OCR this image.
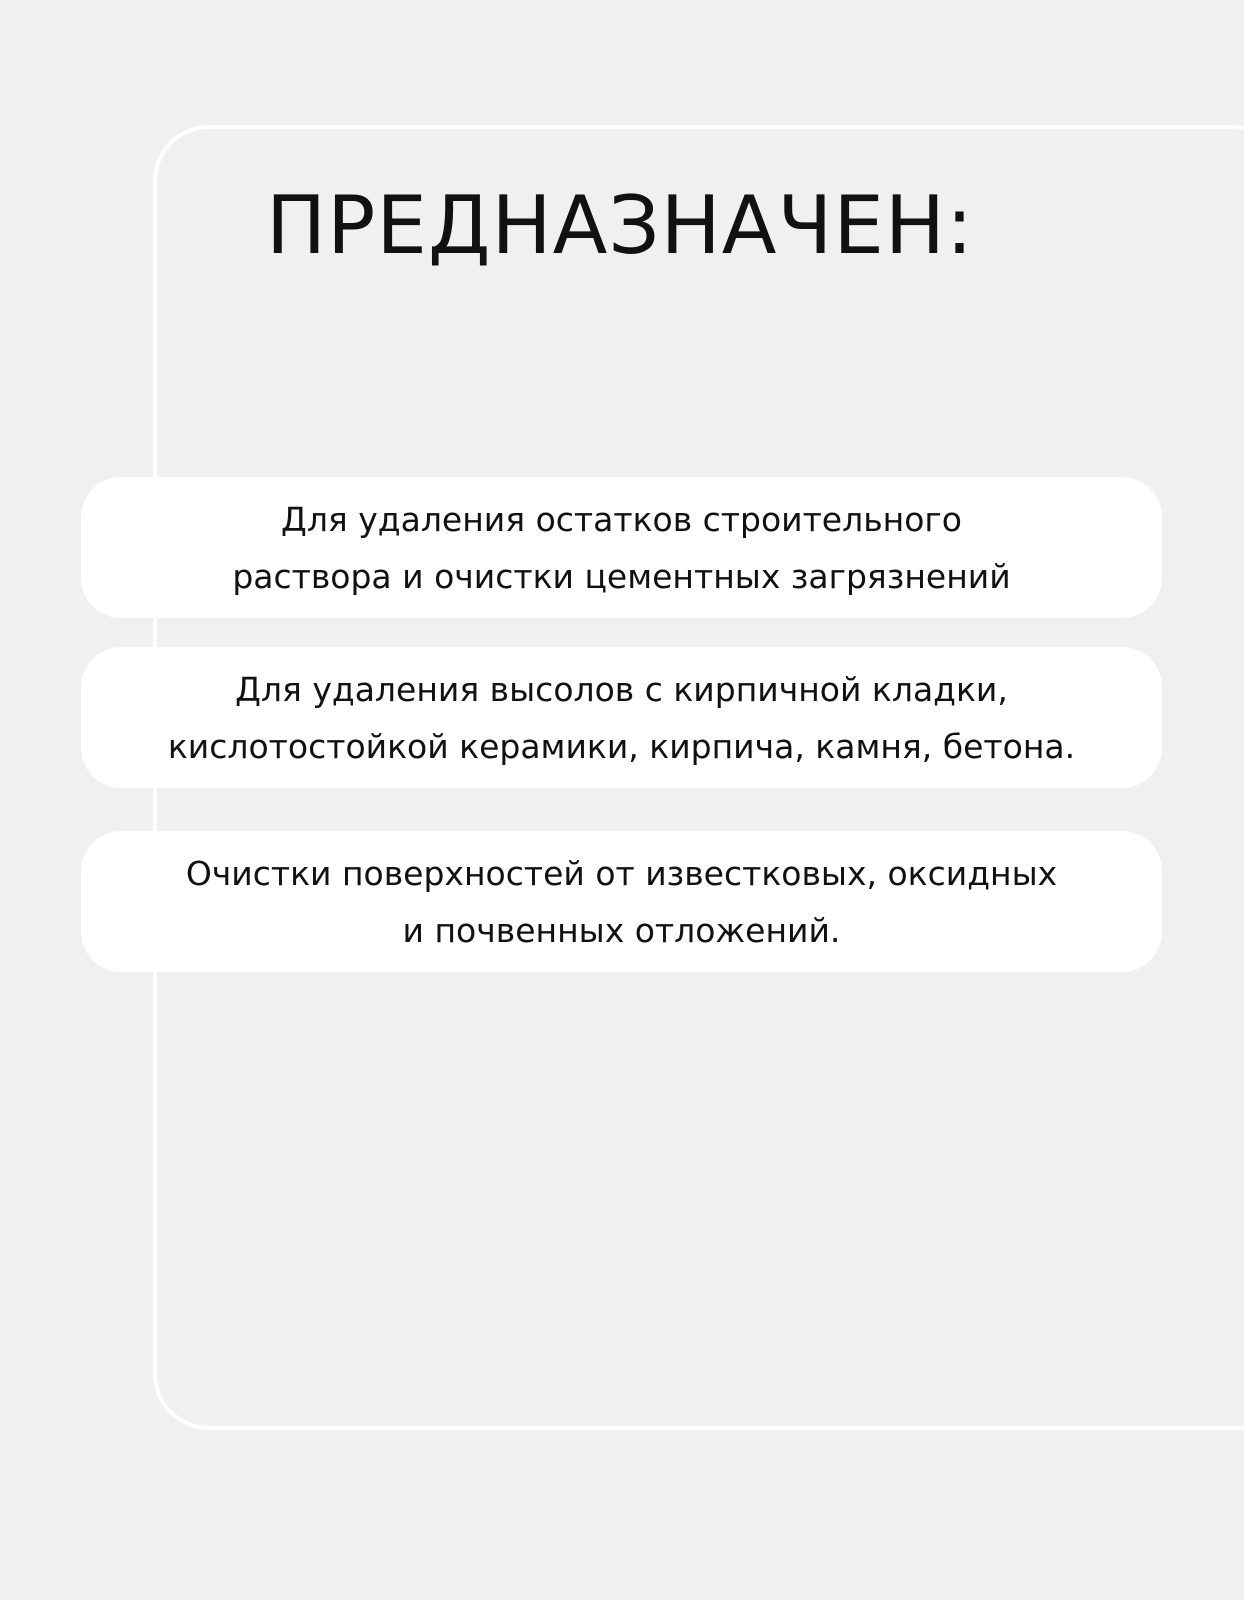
ПРЕДНАЗНАЧЕН:

Для удаления остатков строительного
раствора и очистки цементных загрязнений

Для удаления высолов с кирпичной кладки,
кислотостойкой керамики, кирпича, камня, бетона.

Очистки поверхностей от известковых, оксидных
и почвенных отложений.
